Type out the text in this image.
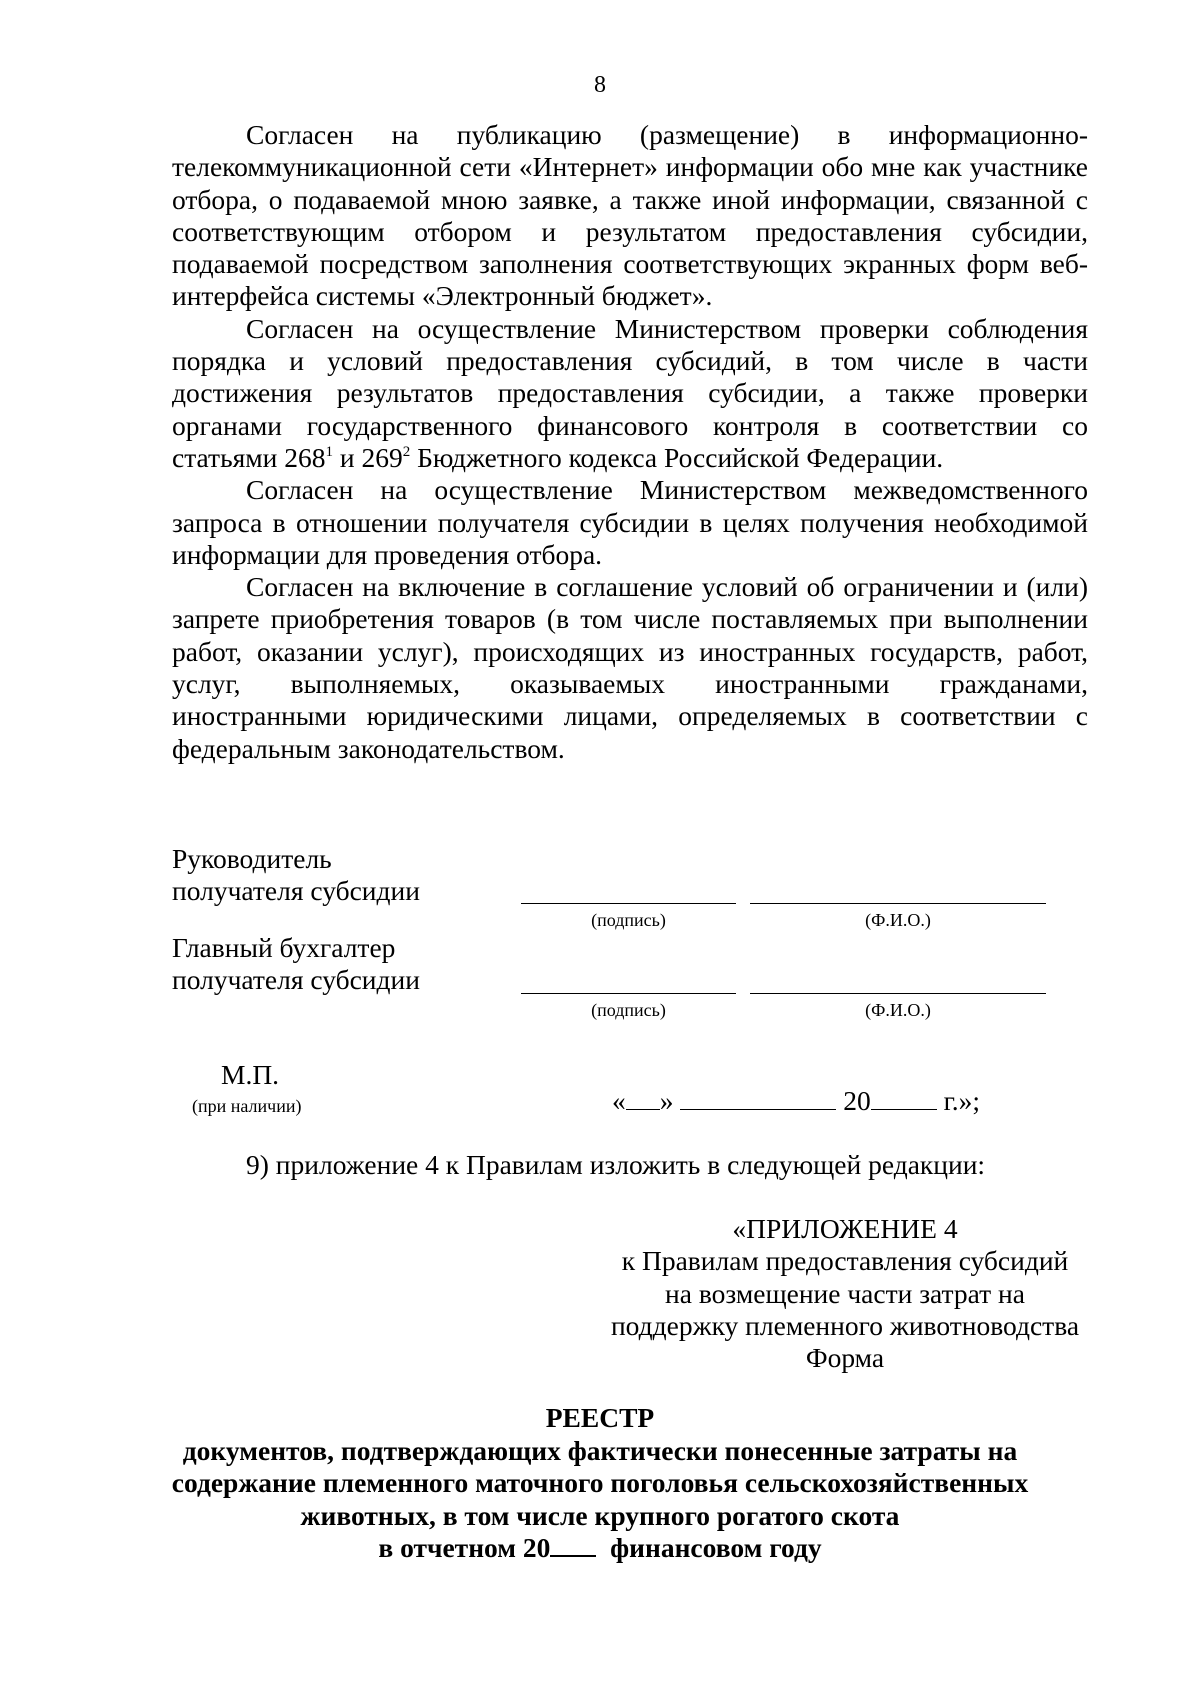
8

Согласен на публикацию (размещение) в информационно-телекоммуникационной сети «Интернет» информации обо мне как участнике отбора, о подаваемой мною заявке, а также иной информации, связанной с соответствующим отбором и результатом предоставления субсидии, подаваемой посредством заполнения соответствующих экранных форм веб-интерфейса системы «Электронный бюджет».

Согласен на осуществление Министерством проверки соблюдения порядка и условий предоставления субсидий, в том числе в части достижения результатов предоставления субсидии, а также проверки органами государственного финансового контроля в соответствии со статьями $268^1$ и $269^2$ Бюджетного кодекса Российской Федерации.

Согласен на осуществление Министерством межведомственного запроса в отношении получателя субсидии в целях получения необходимой информации для проведения отбора.

Согласен на включение в соглашение условий об ограничении и (или) запрете приобретения товаров (в том числе поставляемых при выполнении работ, оказании услуг), происходящих из иностранных государств, работ, услуг, выполняемых, оказываемых иностранными гражданами, иностранными юридическими лицами, определяемых в соответствии с федеральным законодательством.

Руководитель
получателя субсидии
(подпись)	(Ф.И.О.)
Главный бухгалтер
получателя субсидии
(подпись)	(Ф.И.О.)
М.П.
(при наличии)	« »	20	г.»;
9) приложение 4 к Правилам изложить в следующей редакции:
«ПРИЛОЖЕНИЕ 4
к Правилам предоставления субсидий
на возмещение части затрат на
поддержку племенного животноводства
Форма
РЕЕСТР
документов, подтверждающих фактически понесенные затраты на
содержание племенного маточного поголовья сельскохозяйственных
животных, в том числе крупного рогатого скота
в отчетном 20 финансовом году
